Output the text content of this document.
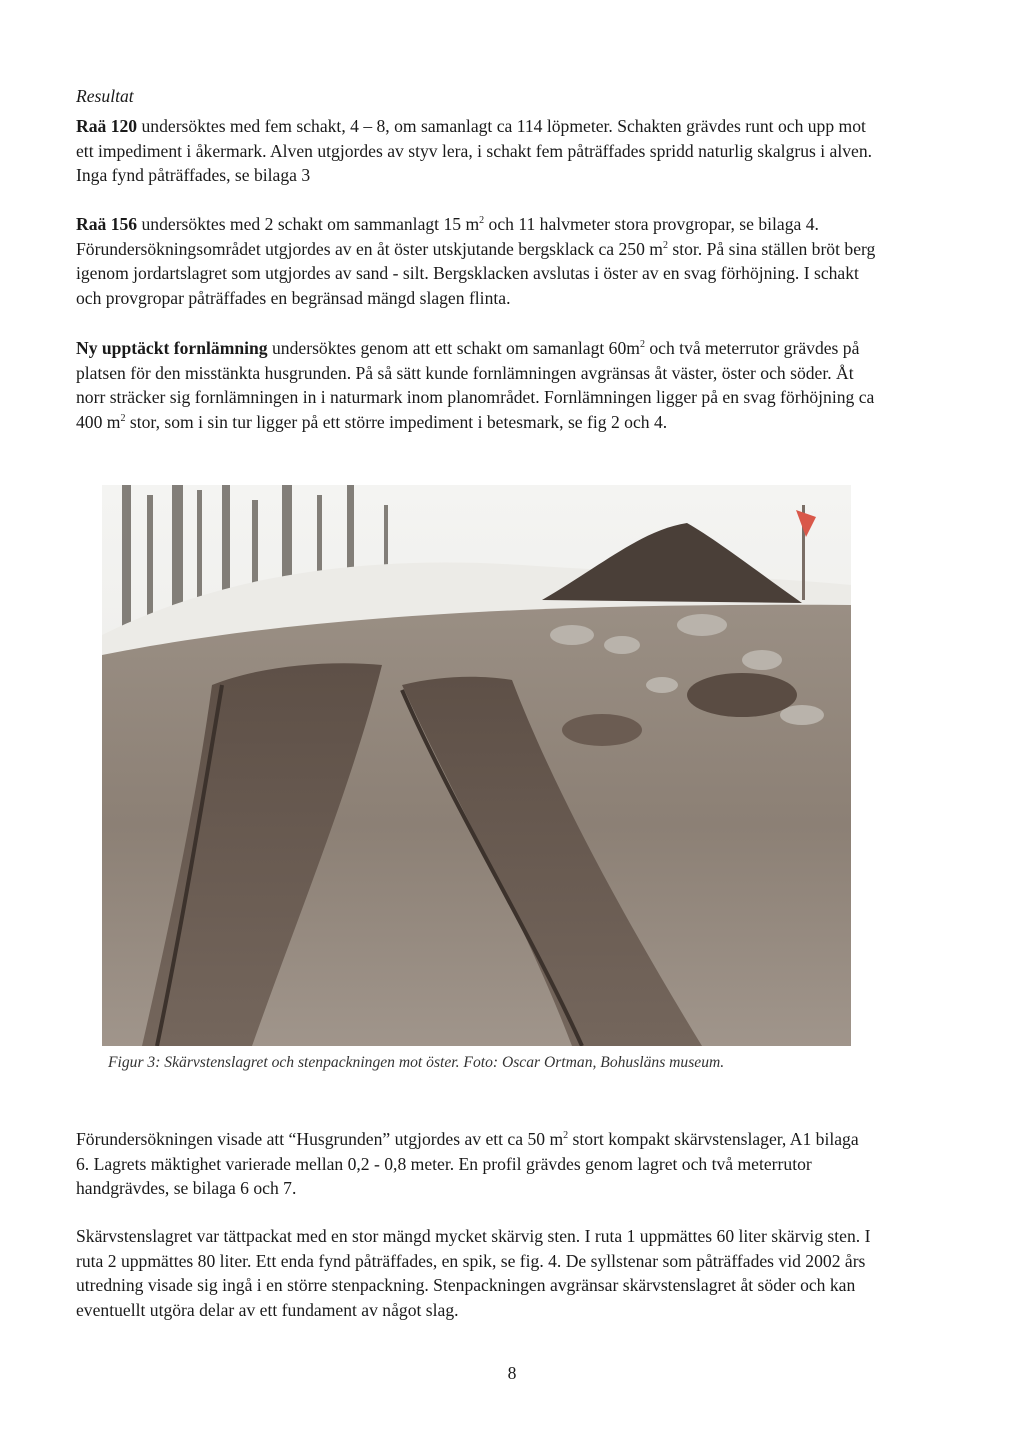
Resultat

Raä 120 undersöktes med fem schakt, 4 – 8, om samanlagt ca 114 löpmeter. Schakten grävdes runt och upp mot ett impediment i åkermark. Alven utgjordes av styv lera, i schakt fem påträffades spridd naturlig skalgrus i alven. Inga fynd påträffades, se bilaga 3

Raä 156 undersöktes med 2 schakt om sammanlagt 15 $m^2$ och 11 halvmeter stora provgropar, se bilaga 4. Förundersökningsområdet utgjordes av en åt öster utskjutande bergsklack ca 250 $m^2$ stor. På sina ställen bröt berg igenom jordartslagret som utgjordes av sand - silt. Bergsklacken avslutas i öster av en svag förhöjning. I schakt och provgropar påträffades en begränsad mängd slagen flinta.

Ny upptäckt fornlämning undersöktes genom att ett schakt om samanlagt $60m^2$ och två meterrutor grävdes på platsen för den misstänkta husgrunden. På så sätt kunde fornlämningen avgränsas åt väster, öster och söder. Åt norr sträcker sig fornlämningen in i naturmark inom planområdet. Fornlämningen ligger på en svag förhöjning ca 400 $m^2$ stor, som i sin tur ligger på ett större impediment i betesmark, se fig 2 och 4.

Figur 3: Skärvstenslagret och stenpackningen mot öster. Foto: Oscar Ortman, Bohusläns museum.

Förundersökningen visade att “Husgrunden” utgjordes av ett ca 50 $m^2$ stort kompakt skärvstenslager, A1 bilaga 6. Lagrets mäktighet varierade mellan 0,2 - 0,8 meter. En profil grävdes genom lagret och två meterrutor handgrävdes, se bilaga 6 och 7.

Skärvstenslagret var tättpackat med en stor mängd mycket skärvig sten. I ruta 1 uppmättes 60 liter skärvig sten. I ruta 2 uppmättes 80 liter. Ett enda fynd påträffades, en spik, se fig. 4. De syllstenar som påträffades vid 2002 års utredning visade sig ingå i en större stenpackning. Stenpackningen avgränsar skärvstenslagret åt söder och kan eventuellt utgöra delar av ett fundament av något slag.

8
